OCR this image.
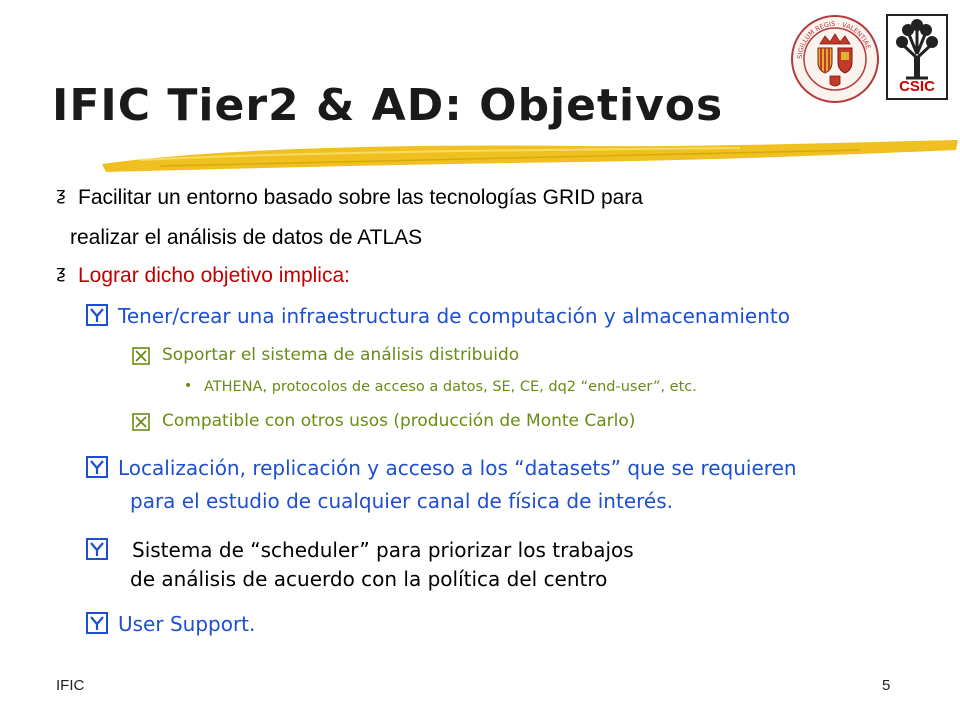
SIGILLUM REGIS · VALENTIAE
CSIC
IFIC Tier2 & AD: Objetivos
ƺ Facilitar un entorno basado sobre las tecnologías GRID para
realizar el análisis de datos de ATLAS
ƺ Lograr dicho objetivo implica:
Tener/crear una infraestructura de computación y almacenamiento
Soportar el sistema de análisis distribuido
• ATHENA, protocolos de acceso a datos, SE, CE, dq2 “end-user”, etc.
Compatible con otros usos (producción de Monte Carlo)
Localización, replicación y acceso a los “datasets” que se requieren
para el estudio de cualquier canal de física de interés.
Sistema de “scheduler” para priorizar los trabajos
de análisis de acuerdo con la política del centro
User Support.
IFIC	5
